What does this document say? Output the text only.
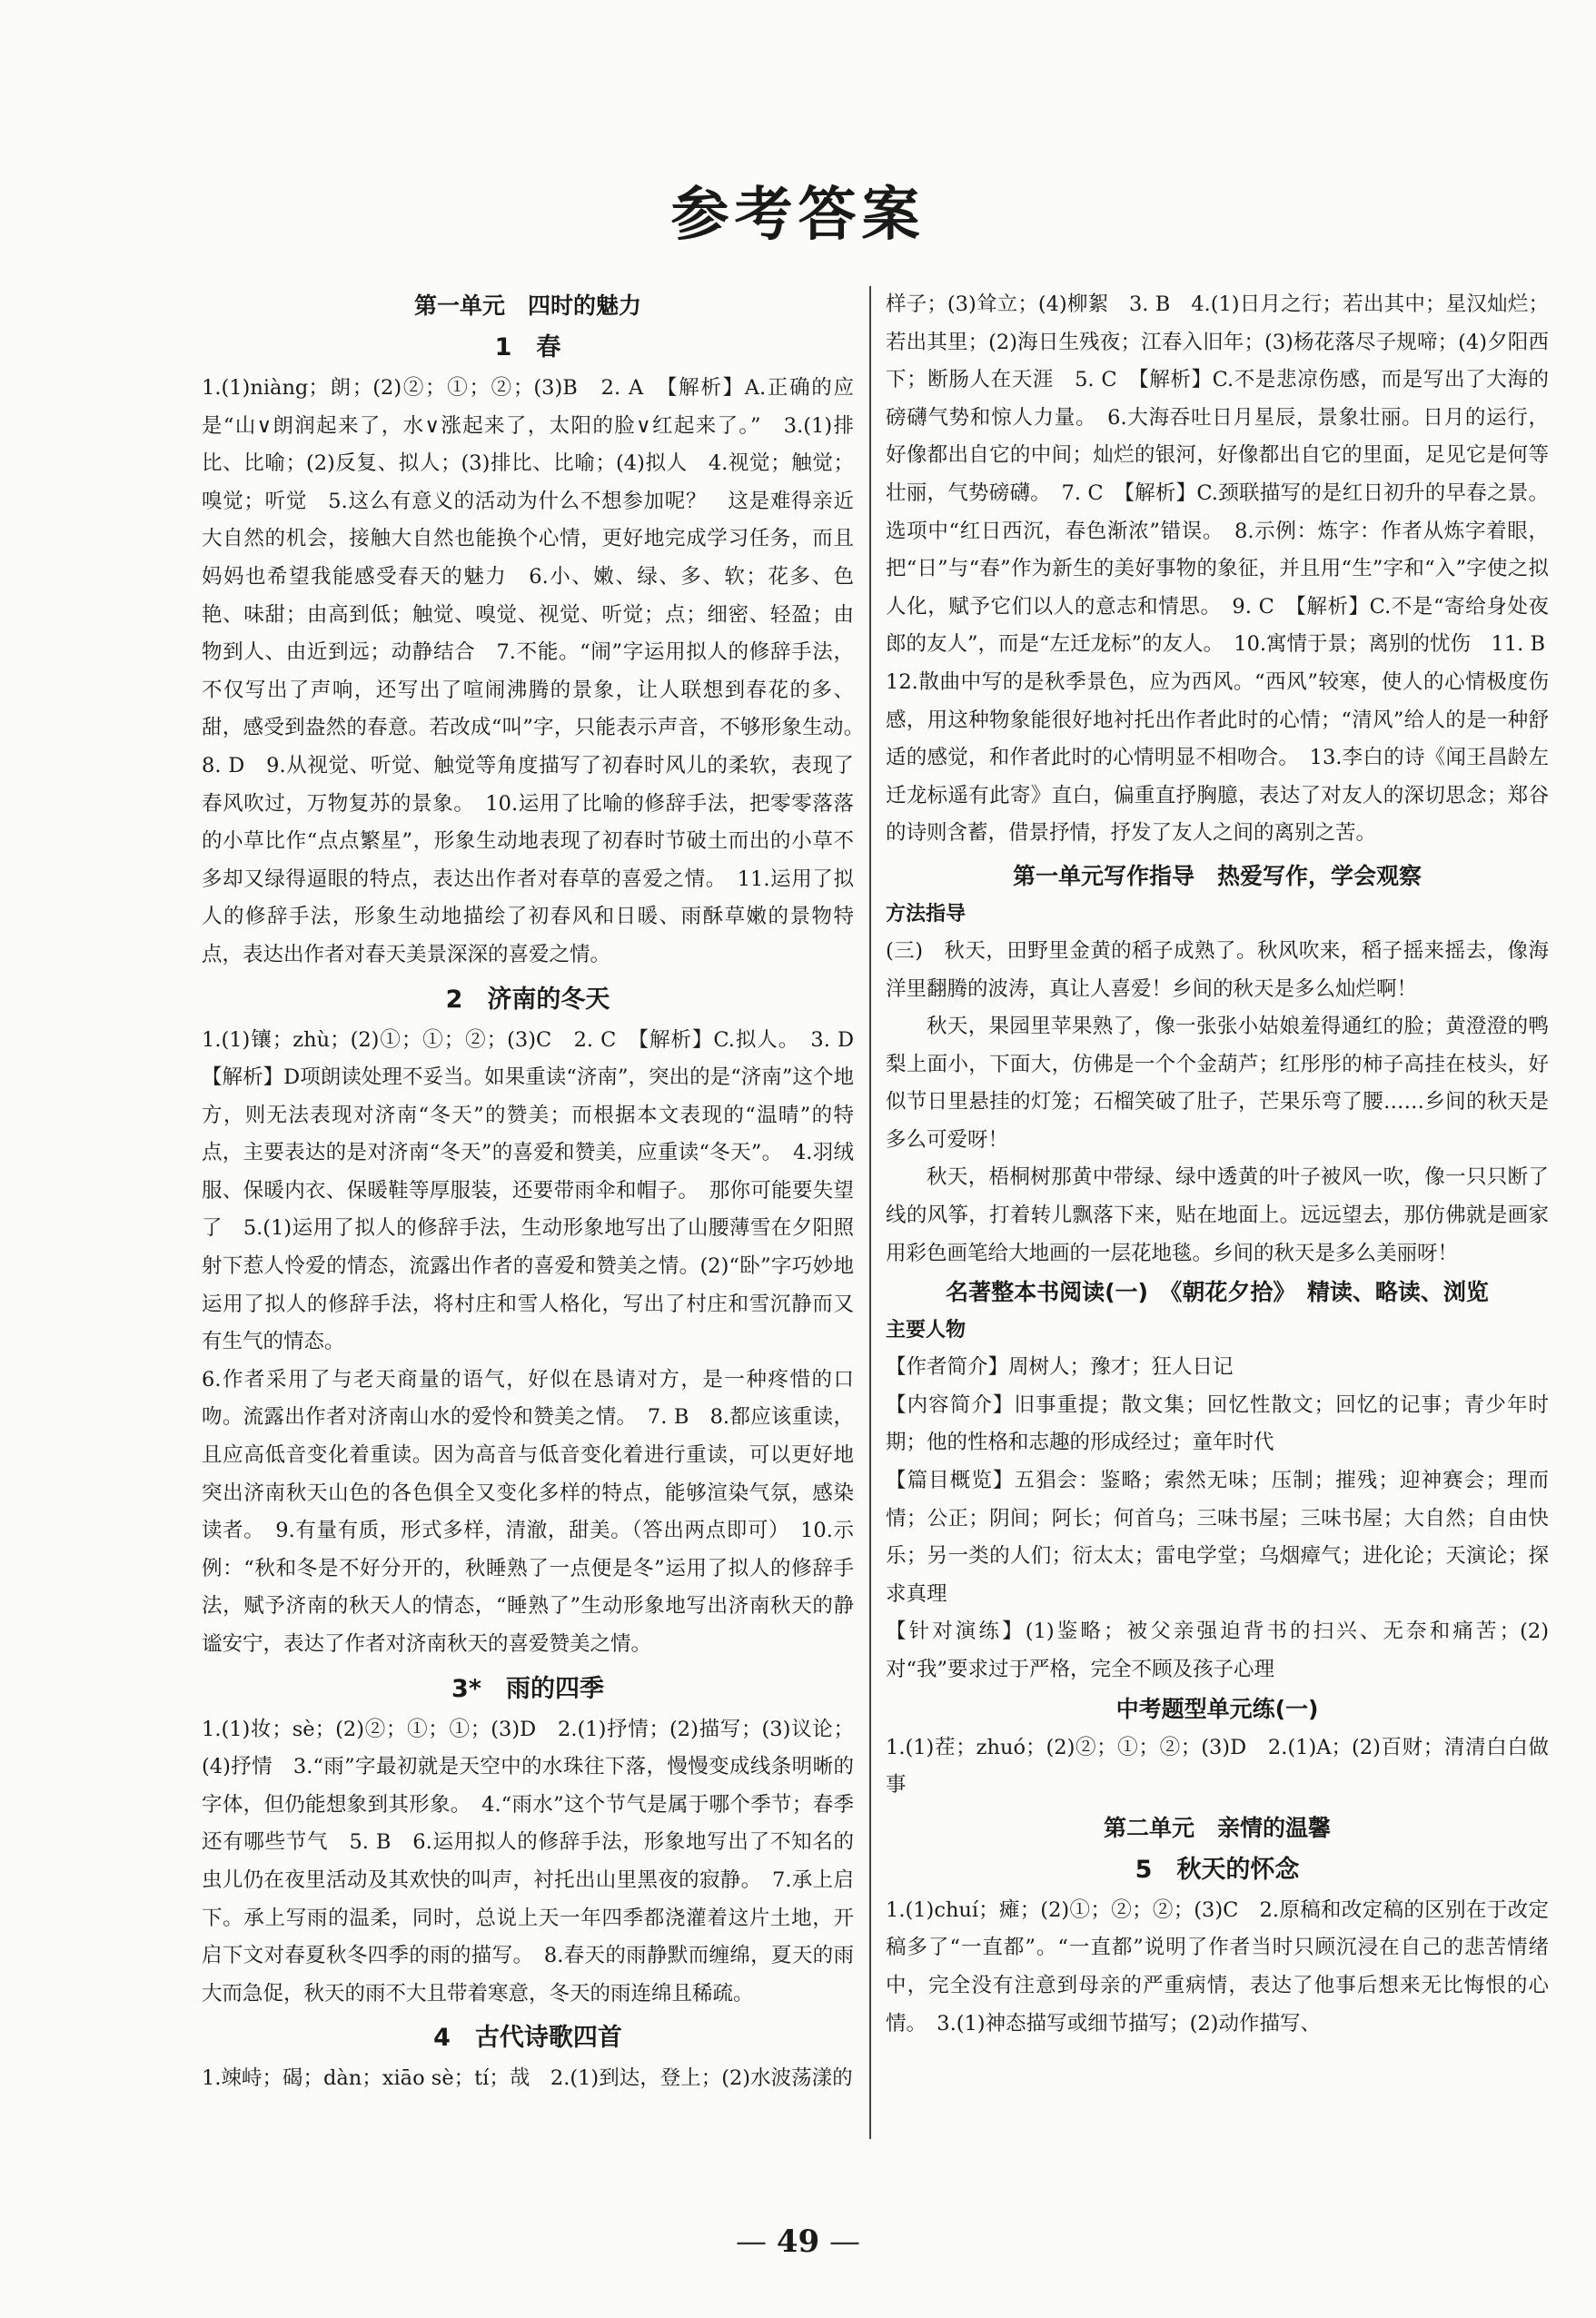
参考答案
第一单元　四时的魅力
1　春

1.(1)niàng；朗；(2)②；①；②；(3)B　2. A　【解析】A.正确的应是“山∨朗润起来了，水∨涨起来了，太阳的脸∨红起来了。”　3.(1)排比、比喻；(2)反复、拟人；(3)排比、比喻；(4)拟人　4.视觉；触觉；嗅觉；听觉　5.这么有意义的活动为什么不想参加呢？　这是难得亲近大自然的机会，接触大自然也能换个心情，更好地完成学习任务，而且妈妈也希望我能感受春天的魅力　6.小、嫩、绿、多、软；花多、色艳、味甜；由高到低；触觉、嗅觉、视觉、听觉；点；细密、轻盈；由物到人、由近到远；动静结合　7.不能。“闹”字运用拟人的修辞手法，不仅写出了声响，还写出了喧闹沸腾的景象，让人联想到春花的多、甜，感受到盎然的春意。若改成“叫”字，只能表示声音，不够形象生动。　8. D　9.从视觉、听觉、触觉等角度描写了初春时风儿的柔软，表现了春风吹过，万物复苏的景象。　10.运用了比喻的修辞手法，把零零落落的小草比作“点点繁星”，形象生动地表现了初春时节破土而出的小草不多却又绿得逼眼的特点，表达出作者对春草的喜爱之情。　11.运用了拟人的修辞手法，形象生动地描绘了初春风和日暖、雨酥草嫩的景物特点，表达出作者对春天美景深深的喜爱之情。

2　济南的冬天

1.(1)镶；zhù；(2)①；①；②；(3)C　2. C　【解析】C.拟人。　3. D　【解析】D项朗读处理不妥当。如果重读“济南”，突出的是“济南”这个地方，则无法表现对济南“冬天”的赞美；而根据本文表现的“温晴”的特点，主要表达的是对济南“冬天”的喜爱和赞美，应重读“冬天”。　4.羽绒服、保暖内衣、保暖鞋等厚服装，还要带雨伞和帽子。　那你可能要失望了　5.(1)运用了拟人的修辞手法，生动形象地写出了山腰薄雪在夕阳照射下惹人怜爱的情态，流露出作者的喜爱和赞美之情。(2)“卧”字巧妙地运用了拟人的修辞手法，将村庄和雪人格化，写出了村庄和雪沉静而又有生气的情态。

6.作者采用了与老天商量的语气，好似在恳请对方，是一种疼惜的口吻。流露出作者对济南山水的爱怜和赞美之情。　7. B　8.都应该重读，且应高低音变化着重读。因为高音与低音变化着进行重读，可以更好地突出济南秋天山色的各色俱全又变化多样的特点，能够渲染气氛，感染读者。　9.有量有质，形式多样，清澈，甜美。（答出两点即可）　10.示例：“秋和冬是不好分开的，秋睡熟了一点便是冬”运用了拟人的修辞手法，赋予济南的秋天人的情态，“睡熟了”生动形象地写出济南秋天的静谧安宁，表达了作者对济南秋天的喜爱赞美之情。

3*　雨的四季

1.(1)妆；sè；(2)②；①；①；(3)D　2.(1)抒情；(2)描写；(3)议论；(4)抒情　3.“雨”字最初就是天空中的水珠往下落，慢慢变成线条明晰的字体，但仍能想象到其形象。　4.“雨水”这个节气是属于哪个季节；春季还有哪些节气　5. B　6.运用拟人的修辞手法，形象地写出了不知名的虫儿仍在夜里活动及其欢快的叫声，衬托出山里黑夜的寂静。　7.承上启下。承上写雨的温柔，同时，总说上天一年四季都浇灌着这片土地，开启下文对春夏秋冬四季的雨的描写。　8.春天的雨静默而缠绵，夏天的雨大而急促，秋天的雨不大且带着寒意，冬天的雨连绵且稀疏。

4　古代诗歌四首

1.竦峙；碣；dàn；xiāo sè；tí；哉　2.(1)到达，登上；(2)水波荡漾的

样子；(3)耸立；(4)柳絮　3. B　4.(1)日月之行；若出其中；星汉灿烂；若出其里；(2)海日生残夜；江春入旧年；(3)杨花落尽子规啼；(4)夕阳西下；断肠人在天涯　5. C　【解析】C.不是悲凉伤感，而是写出了大海的磅礴气势和惊人力量。　6.大海吞吐日月星辰，景象壮丽。日月的运行，好像都出自它的中间；灿烂的银河，好像都出自它的里面，足见它是何等壮丽，气势磅礴。　7. C　【解析】C.颈联描写的是红日初升的早春之景。选项中“红日西沉，春色渐浓”错误。　8.示例：炼字：作者从炼字着眼，把“日”与“春”作为新生的美好事物的象征，并且用“生”字和“入”字使之拟人化，赋予它们以人的意志和情思。　9. C　【解析】C.不是“寄给身处夜郎的友人”，而是“左迁龙标”的友人。　10.寓情于景；离别的忧伤　11. B

12.散曲中写的是秋季景色，应为西风。“西风”较寒，使人的心情极度伤感，用这种物象能很好地衬托出作者此时的心情；“清风”给人的是一种舒适的感觉，和作者此时的心情明显不相吻合。　13.李白的诗《闻王昌龄左迁龙标遥有此寄》直白，偏重直抒胸臆，表达了对友人的深切思念；郑谷的诗则含蓄，借景抒情，抒发了友人之间的离别之苦。

第一单元写作指导　热爱写作，学会观察
方法指导

(三)　秋天，田野里金黄的稻子成熟了。秋风吹来，稻子摇来摇去，像海洋里翻腾的波涛，真让人喜爱！乡间的秋天是多么灿烂啊！

秋天，果园里苹果熟了，像一张张小姑娘羞得通红的脸；黄澄澄的鸭梨上面小，下面大，仿佛是一个个金葫芦；红彤彤的柿子高挂在枝头，好似节日里悬挂的灯笼；石榴笑破了肚子，芒果乐弯了腰……乡间的秋天是多么可爱呀！

秋天，梧桐树那黄中带绿、绿中透黄的叶子被风一吹，像一只只断了线的风筝，打着转儿飘落下来，贴在地面上。远远望去，那仿佛就是画家用彩色画笔给大地画的一层花地毯。乡间的秋天是多么美丽呀！

名著整本书阅读(一)　《朝花夕拾》　精读、略读、浏览
主要人物

【作者简介】周树人；豫才；狂人日记

【内容简介】旧事重提；散文集；回忆性散文；回忆的记事；青少年时期；他的性格和志趣的形成经过；童年时代

【篇目概览】五猖会：鉴略；索然无味；压制；摧残；迎神赛会；理而情；公正；阴间；阿长；何首乌；三味书屋；三味书屋；大自然；自由快乐；另一类的人们；衍太太；雷电学堂；乌烟瘴气；进化论；天演论；探求真理

【针对演练】(1)鉴略；被父亲强迫背书的扫兴、无奈和痛苦；(2)对“我”要求过于严格，完全不顾及孩子心理

中考题型单元练(一)

1.(1)茬；zhuó；(2)②；①；②；(3)D　2.(1)A；(2)百财；清清白白做事

第二单元　亲情的温馨
5　秋天的怀念

1.(1)chuí；瘫；(2)①；②；②；(3)C　2.原稿和改定稿的区别在于改定稿多了“一直都”。“一直都”说明了作者当时只顾沉浸在自己的悲苦情绪中，完全没有注意到母亲的严重病情，表达了他事后想来无比悔恨的心情。　3.(1)神态描写或细节描写；(2)动作描写、

— 49 —
